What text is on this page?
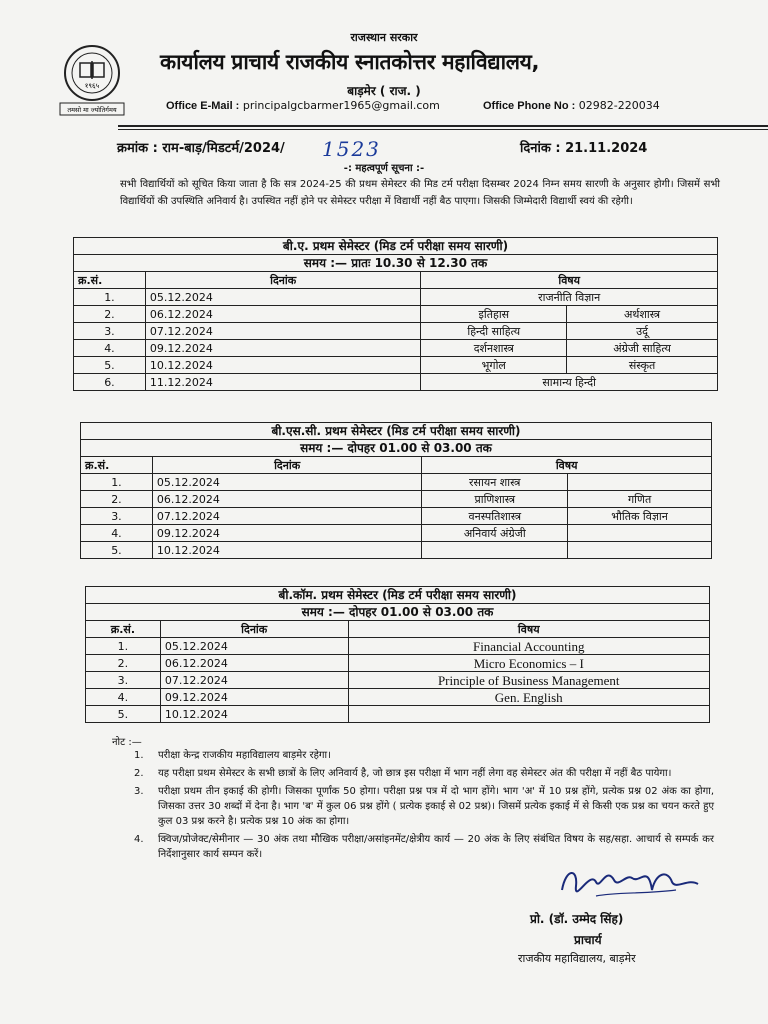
१९६५
तमसो मा ज्योतिर्गमय
राजस्थान सरकार
कार्यालय प्राचार्य राजकीय स्नातकोत्तर महाविद्यालय,
बाड़मेर ( राज. )
Office E-Mail : principalgcbarmer1965@gmail.com	Office Phone No : 02982-220034
क्रमांक : राम-बाड़/मिडटर्म/2024/ 1523	दिनांक : 21.11.2024
-: महत्वपूर्ण सूचना :-
सभी विद्यार्थियों को सूचित किया जाता है कि सत्र 2024-25 की प्रथम सेमेस्टर की मिड टर्म परीक्षा दिसम्बर 2024 निम्न समय सारणी के अनुसार होगी। जिसमें सभी विद्यार्थियों की उपस्थिति अनिवार्य है। उपस्थित नहीं होने पर सेमेस्टर परीक्षा में विद्यार्थी नहीं बैठ पाएगा। जिसकी जिम्मेदारी विद्यार्थी स्वयं की रहेगी।
बी.ए. प्रथम सेमेस्टर (मिड टर्म परीक्षा समय सारणी)			
समय :— प्रातः 10.30 से 12.30 तक			
क्र.सं.	दिनांक	विषय	
1.	05.12.2024	राजनीति विज्ञान	
2.	06.12.2024	इतिहास	अर्थशास्त्र
3.	07.12.2024	हिन्दी साहित्य	उर्दू
4.	09.12.2024	दर्शनशास्त्र	अंग्रेजी साहित्य
5.	10.12.2024	भूगोल	संस्कृत
6.	11.12.2024	सामान्य हिन्दी	
बी.एस.सी. प्रथम सेमेस्टर (मिड टर्म परीक्षा समय सारणी)			
समय :— दोपहर 01.00 से 03.00 तक			
क्र.सं.	दिनांक	विषय	
1.	05.12.2024	रसायन शास्त्र	
2.	06.12.2024	प्राणिशास्त्र	गणित
3.	07.12.2024	वनस्पतिशास्त्र	भौतिक विज्ञान
4.	09.12.2024	अनिवार्य अंग्रेजी	
5.	10.12.2024		
बी.कॉम. प्रथम सेमेस्टर (मिड टर्म परीक्षा समय सारणी)		
समय :— दोपहर 01.00 से 03.00 तक		
क्र.सं.	दिनांक	विषय
1.	05.12.2024	Financial Accounting
2.	06.12.2024	Micro Economics – I
3.	07.12.2024	Principle of Business Management
4.	09.12.2024	Gen. English
5.	10.12.2024	
नोट :—
1. परीक्षा केन्द्र राजकीय महाविद्यालय बाड़मेर रहेगा।
2. यह परीक्षा प्रथम सेमेस्टर के सभी छात्रों के लिए अनिवार्य है, जो छात्र इस परीक्षा में भाग नहीं लेगा वह सेमेस्टर अंत की परीक्षा में नहीं बैठ पायेगा।
3. परीक्षा प्रथम तीन इकाई की होगी। जिसका पूर्णांक 50 होगा। परीक्षा प्रश्न पत्र में दो भाग होंगे। भाग 'अ' में 10 प्रश्न होंगे, प्रत्येक प्रश्न 02 अंक का होगा, जिसका उत्तर 30 शब्दों में देना है। भाग 'ब' में कुल 06 प्रश्न होंगे ( प्रत्येक इकाई से 02 प्रश्न)। जिसमें प्रत्येक इकाई में से किसी एक प्रश्न का चयन करते हुए कुल 03 प्रश्न करने है। प्रत्येक प्रश्न 10 अंक का होगा।
4. क्विज/प्रोजेक्ट/सेमीनार — 30 अंक तथा मौखिक परीक्षा/असांइनमेंट/क्षेत्रीय कार्य — 20 अंक के लिए संबंधित विषय के सह/सहा. आचार्य से सम्पर्क कर निर्देशानुसार कार्य सम्पन करें।
प्रो. (डॉ. उम्मेद सिंह)
प्राचार्य
राजकीय महाविद्यालय, बाड़मेर
